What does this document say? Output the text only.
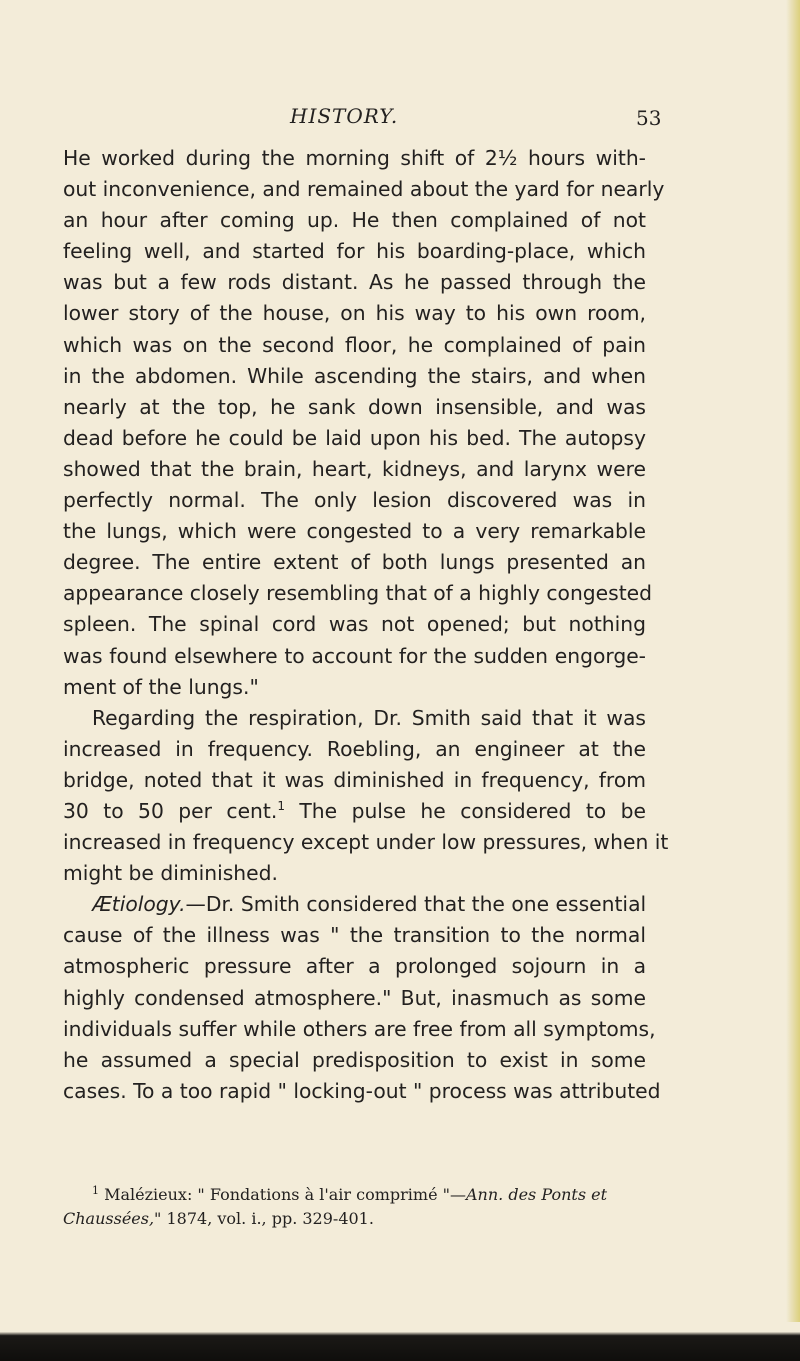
HISTORY.	53
He worked during the morning shift of 2½ hours with-
out inconvenience, and remained about the yard for nearly
an hour after coming up. He then complained of not
feeling well, and started for his boarding-place, which
was but a few rods distant. As he passed through the
lower story of the house, on his way to his own room,
which was on the second floor, he complained of pain
in the abdomen. While ascending the stairs, and when
nearly at the top, he sank down insensible, and was
dead before he could be laid upon his bed. The autopsy
showed that the brain, heart, kidneys, and larynx were
perfectly normal. The only lesion discovered was in
the lungs, which were congested to a very remarkable
degree. The entire extent of both lungs presented an
appearance closely resembling that of a highly congested
spleen. The spinal cord was not opened; but nothing
was found elsewhere to account for the sudden engorge-
ment of the lungs."
Regarding the respiration, Dr. Smith said that it was
increased in frequency. Roebling, an engineer at the
bridge, noted that it was diminished in frequency, from
30 to 50 per cent.$^1$ The pulse he considered to be
increased in frequency except under low pressures, when it
might be diminished.
Ætiology.—Dr. Smith considered that the one essential
cause of the illness was " the transition to the normal
atmospheric pressure after a prolonged sojourn in a
highly condensed atmosphere." But, inasmuch as some
individuals suffer while others are free from all symptoms,
he assumed a special predisposition to exist in some
cases. To a too rapid " locking-out " process was attributed
$^1$ Malézieux: " Fondations à l'air comprimé "—Ann. des Ponts et
Chaussées," 1874, vol. i., pp. 329-401.
